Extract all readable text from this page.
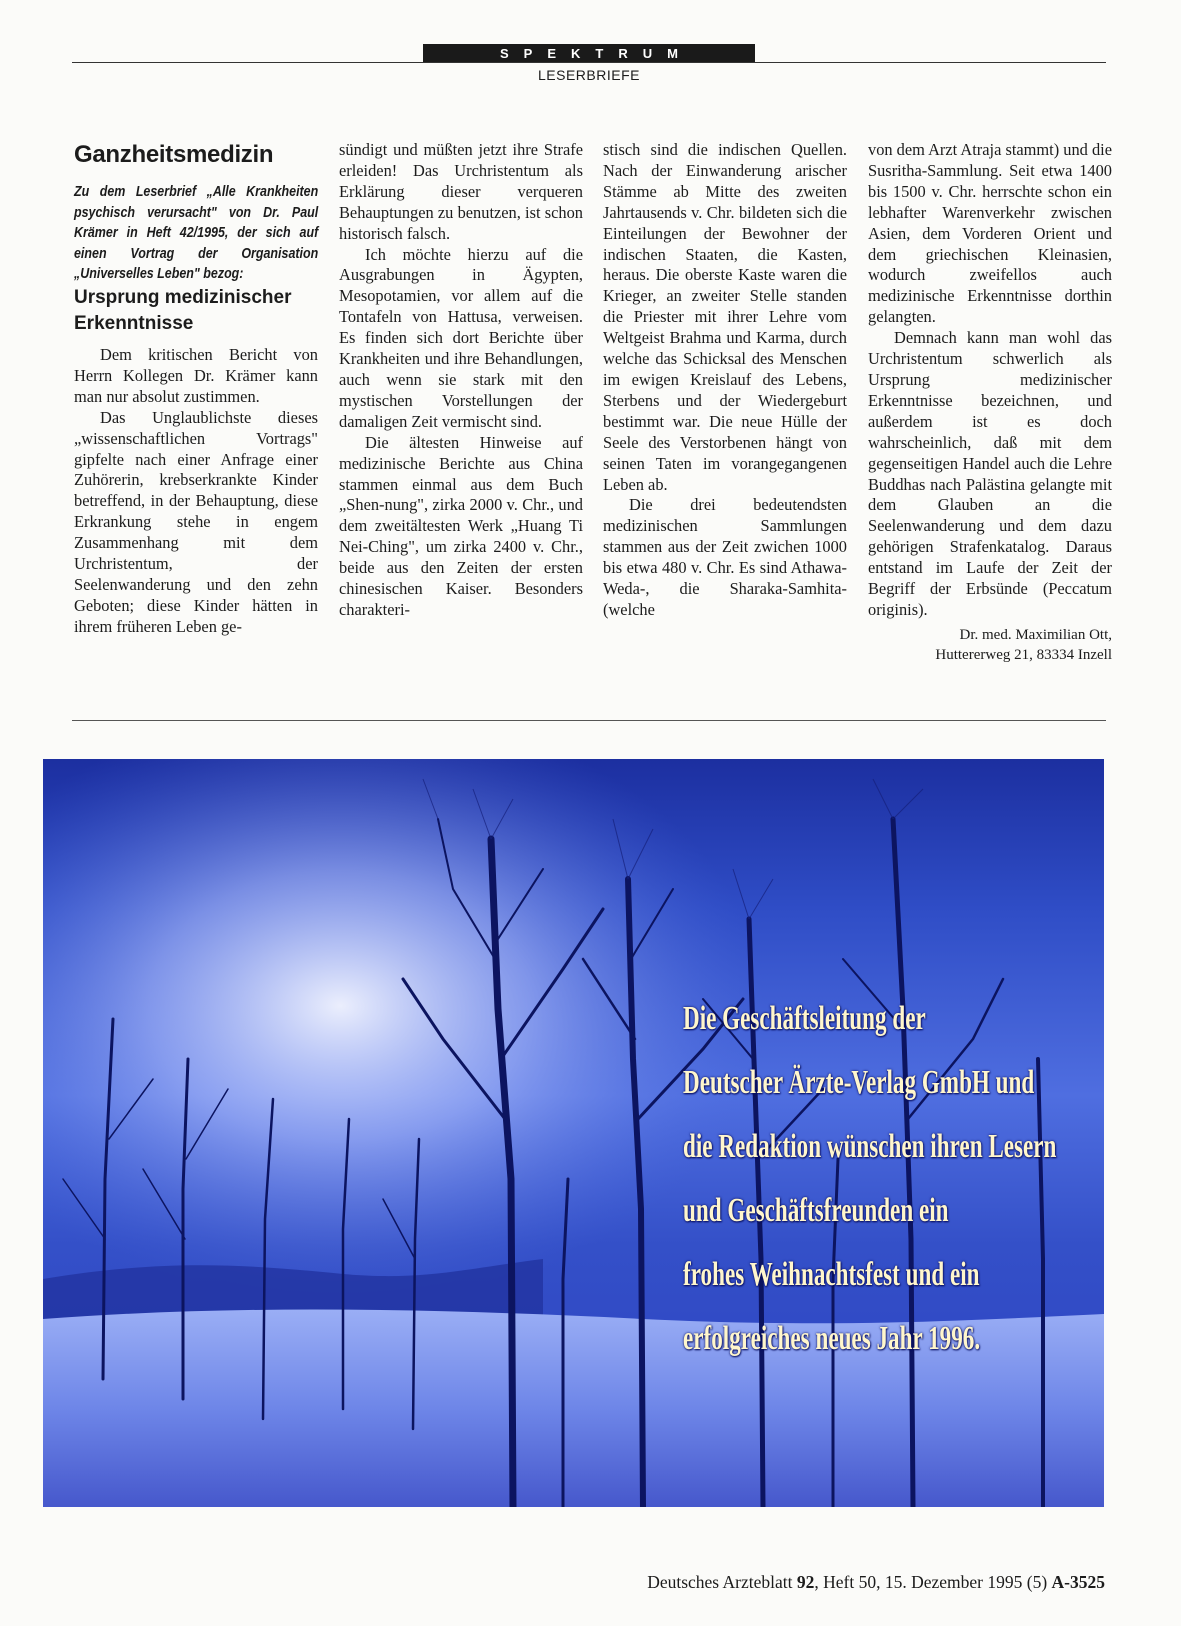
SPEKTRUM
LESERBRIEFE
Ganzheitsmedizin

Zu dem Leserbrief „Alle Krankheiten psychisch verursacht" von Dr. Paul Krämer in Heft 42/1995, der sich auf einen Vortrag der Organisation „Universelles Leben" bezog:

Ursprung medizinischer Erkenntnisse

Dem kritischen Bericht von Herrn Kollegen Dr. Krämer kann man nur absolut zustimmen.

Das Unglaublichste dieses „wissenschaftlichen Vortrags" gipfelte nach einer Anfrage einer Zuhörerin, krebserkrankte Kinder betreffend, in der Behauptung, diese Erkrankung stehe in engem Zusammenhang mit dem Urchristentum, der Seelenwanderung und den zehn Geboten; diese Kinder hätten in ihrem früheren Leben ge-

sündigt und müßten jetzt ihre Strafe erleiden! Das Urchristentum als Erklärung dieser verqueren Behauptungen zu benutzen, ist schon historisch falsch.

Ich möchte hierzu auf die Ausgrabungen in Ägypten, Mesopotamien, vor allem auf die Tontafeln von Hattusa, verweisen. Es finden sich dort Berichte über Krankheiten und ihre Behandlungen, auch wenn sie stark mit den mystischen Vorstellungen der damaligen Zeit vermischt sind.

Die ältesten Hinweise auf medizinische Berichte aus China stammen einmal aus dem Buch „Shen-nung", zirka 2000 v. Chr., und dem zweitältesten Werk „Huang Ti Nei-Ching", um zirka 2400 v. Chr., beide aus den Zeiten der ersten chinesischen Kaiser. Besonders charakteri-

stisch sind die indischen Quellen. Nach der Einwanderung arischer Stämme ab Mitte des zweiten Jahrtausends v. Chr. bildeten sich die Einteilungen der Bewohner der indischen Staaten, die Kasten, heraus. Die oberste Kaste waren die Krieger, an zweiter Stelle standen die Priester mit ihrer Lehre vom Weltgeist Brahma und Karma, durch welche das Schicksal des Menschen im ewigen Kreislauf des Lebens, Sterbens und der Wiedergeburt bestimmt war. Die neue Hülle der Seele des Verstorbenen hängt von seinen Taten im vorangegangenen Leben ab.

Die drei bedeutendsten medizinischen Sammlungen stammen aus der Zeit zwichen 1000 bis etwa 480 v. Chr. Es sind Athawa-Weda-, die Sharaka-Samhita- (welche

von dem Arzt Atraja stammt) und die Susritha-Sammlung. Seit etwa 1400 bis 1500 v. Chr. herrschte schon ein lebhafter Warenverkehr zwischen Asien, dem Vorderen Orient und dem griechischen Kleinasien, wodurch zweifellos auch medizinische Erkenntnisse dorthin gelangten.

Demnach kann man wohl das Urchristentum schwerlich als Ursprung medizinischer Erkenntnisse bezeichnen, und außerdem ist es doch wahrscheinlich, daß mit dem gegenseitigen Handel auch die Lehre Buddhas nach Palästina gelangte mit dem Glauben an die Seelenwanderung und dem dazu gehörigen Strafenkatalog. Daraus entstand im Laufe der Zeit der Begriff der Erbsünde (Peccatum originis).

Dr. med. Maximilian Ott,
Huttererweg 21, 83334 Inzell
Die Geschäftsleitung der
Deutscher Ärzte-Verlag GmbH und
die Redaktion wünschen ihren Lesern
und Geschäftsfreunden ein
frohes Weihnachtsfest und ein
erfolgreiches neues Jahr 1996.
Deutsches Arzteblatt 92, Heft 50, 15. Dezember 1995 (5) A-3525
